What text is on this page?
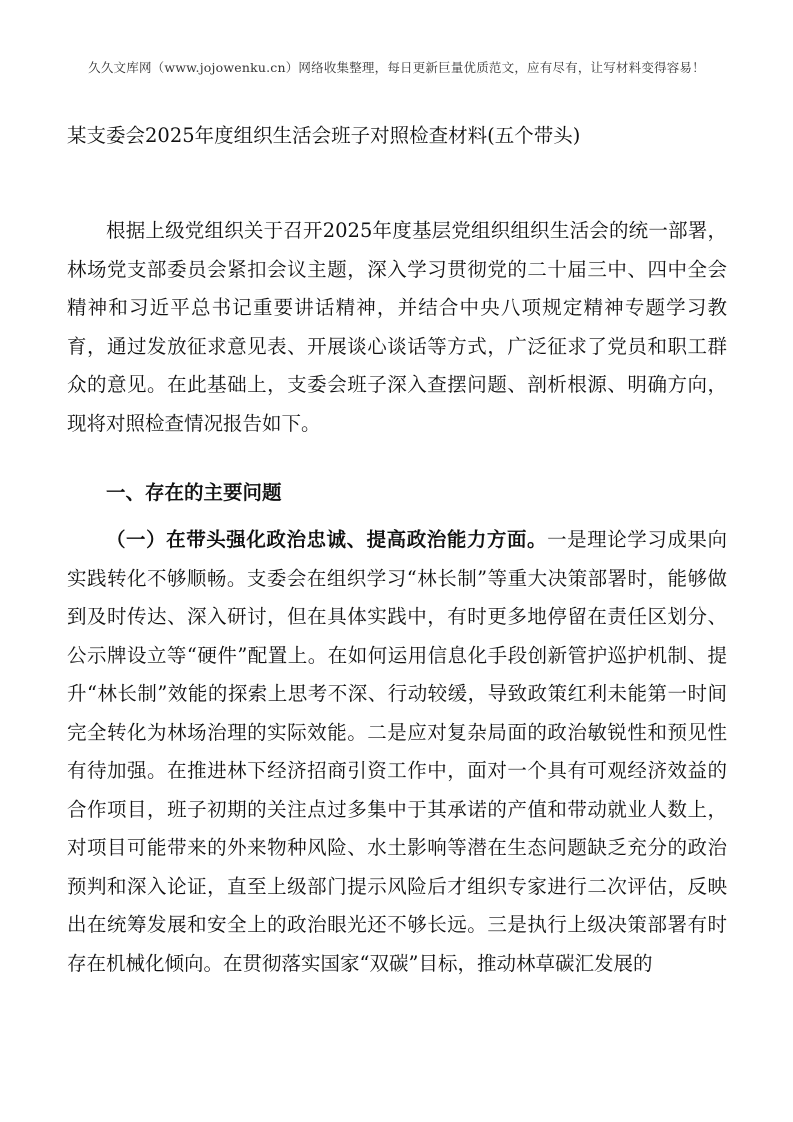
久久文库网（www.jojowenku.cn）网络收集整理，每日更新巨量优质范文，应有尽有，让写材料变得容易！
某支委会2025年度组织生活会班子对照检查材料(五个带头)

根据上级党组织关于召开2025年度基层党组织组织生活会的统一部署，林场党支部委员会紧扣会议主题，深入学习贯彻党的二十届三中、四中全会精神和习近平总书记重要讲话精神，并结合中央八项规定精神专题学习教育，通过发放征求意见表、开展谈心谈话等方式，广泛征求了党员和职工群众的意见。在此基础上，支委会班子深入查摆问题、剖析根源、明确方向，现将对照检查情况报告如下。

一、存在的主要问题

（一）在带头强化政治忠诚、提高政治能力方面。一是理论学习成果向实践转化不够顺畅。支委会在组织学习“林长制”等重大决策部署时，能够做到及时传达、深入研讨，但在具体实践中，有时更多地停留在责任区划分、公示牌设立等“硬件”配置上。在如何运用信息化手段创新管护巡护机制、提升“林长制”效能的探索上思考不深、行动较缓，导致政策红利未能第一时间完全转化为林场治理的实际效能。二是应对复杂局面的政治敏锐性和预见性有待加强。在推进林下经济招商引资工作中，面对一个具有可观经济效益的合作项目，班子初期的关注点过多集中于其承诺的产值和带动就业人数上，对项目可能带来的外来物种风险、水土影响等潜在生态问题缺乏充分的政治预判和深入论证，直至上级部门提示风险后才组织专家进行二次评估，反映出在统筹发展和安全上的政治眼光还不够长远。三是执行上级决策部署有时存在机械化倾向。在贯彻落实国家“双碳”目标，推动林草碳汇发展的
